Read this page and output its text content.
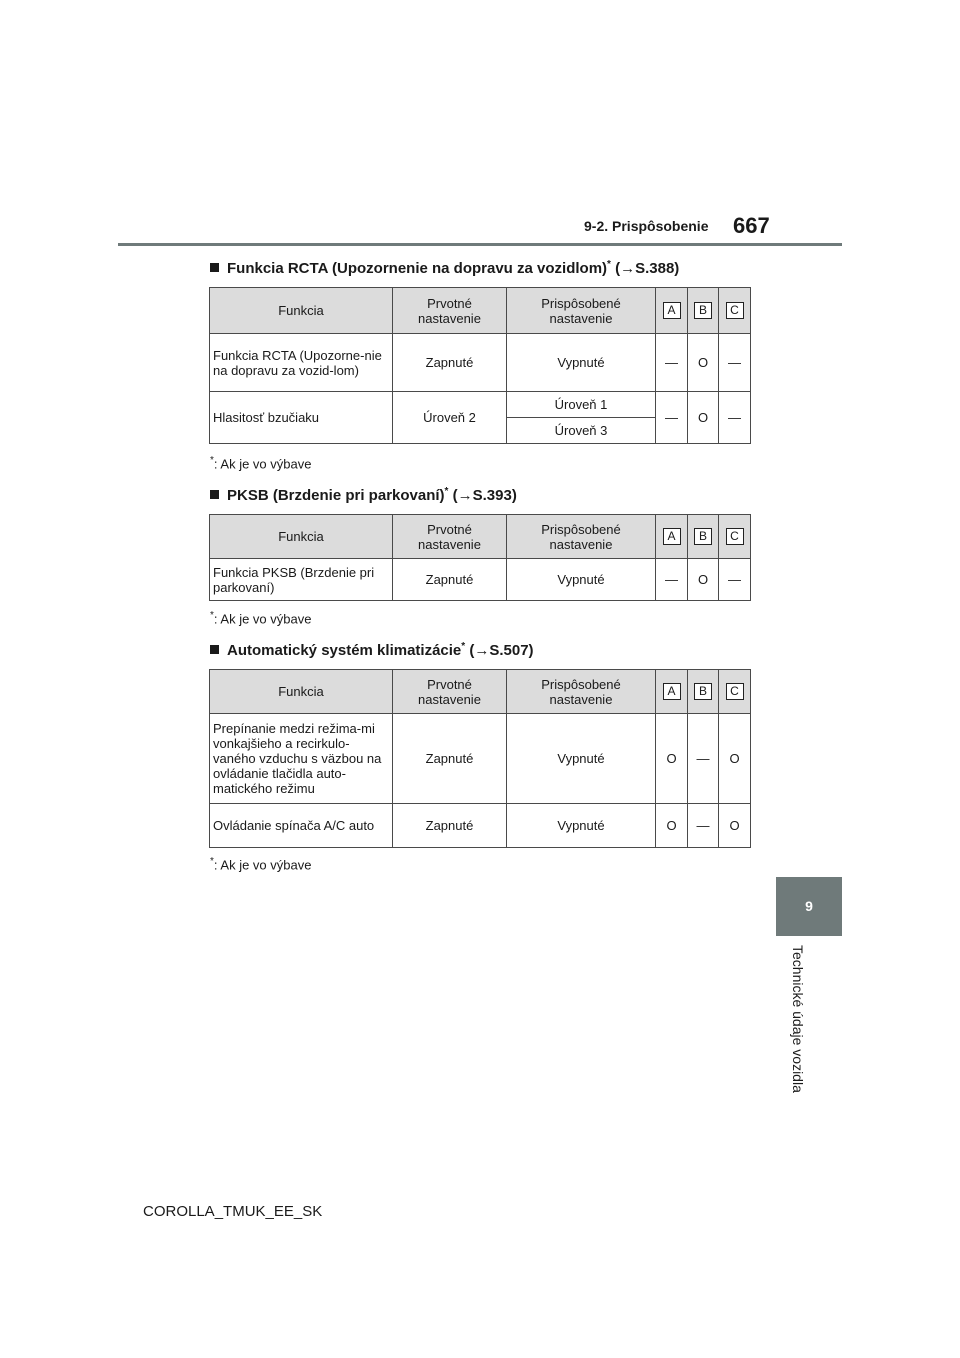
9-2. Prispôsobenie 667
9
Technické údaje vozidla
Funkcia RCTA (Upozornenie na dopravu za vozidlom)* (→S.388)
Funkcia	Prvotné nastavenie	Prispôsobené nastavenie	A	B	C
Funkcia RCTA (Upozorne-nie na dopravu za vozid-lom)	Zapnuté	Vypnuté	—	O	—
Hlasitosť bzučiaku	Úroveň 2	Úroveň 1	—	O	—
		Úroveň 3			
*: Ak je vo výbave
PKSB (Brzdenie pri parkovaní)* (→S.393)
Funkcia	Prvotné nastavenie	Prispôsobené nastavenie	A	B	C
Funkcia PKSB (Brzdenie pri parkovaní)	Zapnuté	Vypnuté	—	O	—
*: Ak je vo výbave
Automatický systém klimatizácie* (→S.507)
Funkcia	Prvotné nastavenie	Prispôsobené nastavenie	A	B	C
Prepínanie medzi režima-mi vonkajšieho a recirkulo-vaného vzduchu s väzbou na ovládanie tlačidla auto-matického režimu	Zapnuté	Vypnuté	O	—	O
Ovládanie spínača A/C auto	Zapnuté	Vypnuté	O	—	O
*: Ak je vo výbave
COROLLA_TMUK_EE_SK
